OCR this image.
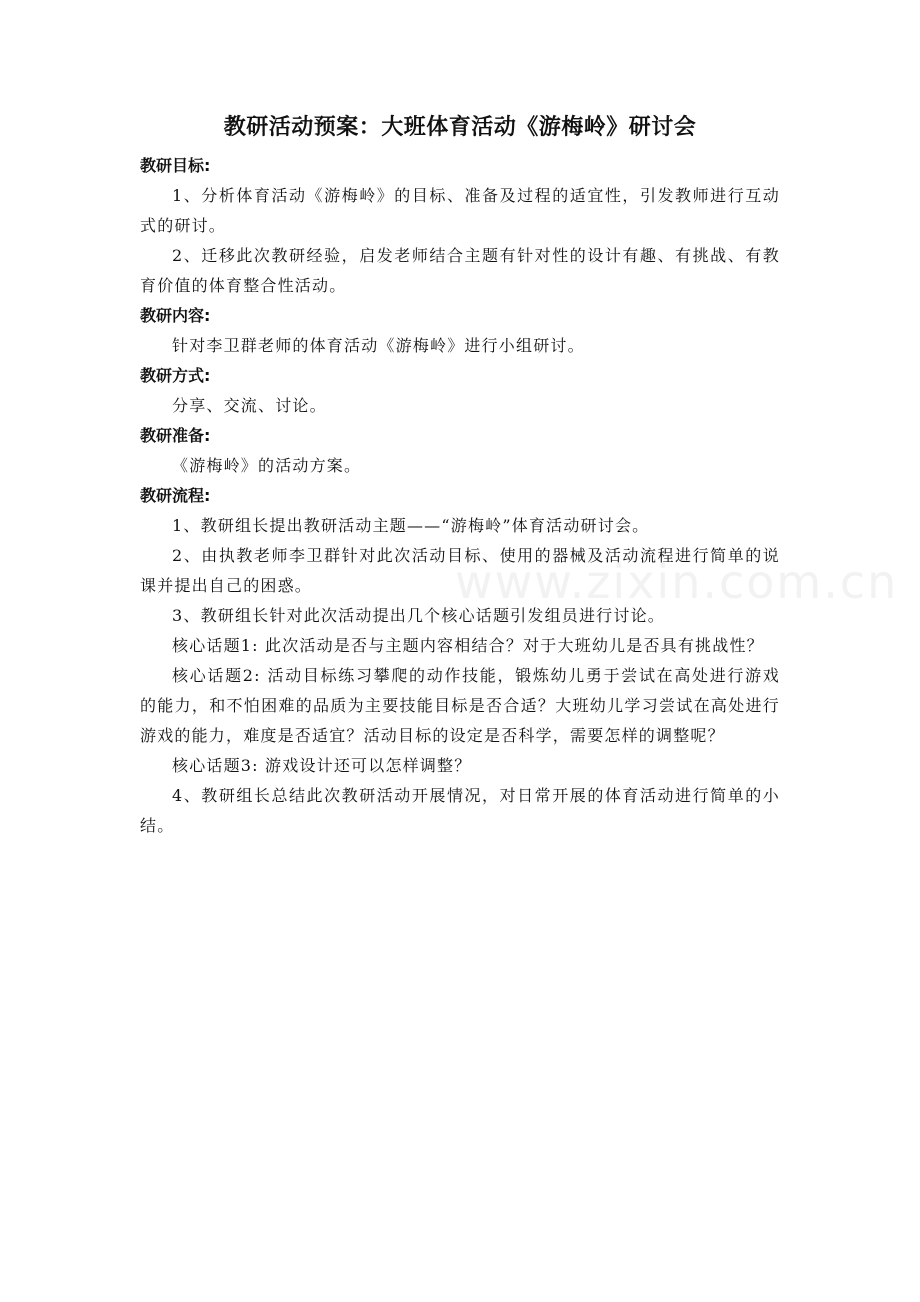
www.zixin.com.cn
教研活动预案：大班体育活动《游梅岭》研讨会

教研目标:

1、分析体育活动《游梅岭》的目标、准备及过程的适宜性，引发教师进行互动式的研讨。

2、迁移此次教研经验，启发老师结合主题有针对性的设计有趣、有挑战、有教育价值的体育整合性活动。

教研内容:

针对李卫群老师的体育活动《游梅岭》进行小组研讨。

教研方式:

分享、交流、讨论。

教研准备:

《游梅岭》的活动方案。

教研流程:

1、教研组长提出教研活动主题——“游梅岭”体育活动研讨会。

2、由执教老师李卫群针对此次活动目标、使用的器械及活动流程进行简单的说课并提出自己的困惑。

3、教研组长针对此次活动提出几个核心话题引发组员进行讨论。

核心话题1: 此次活动是否与主题内容相结合？对于大班幼儿是否具有挑战性？

核心话题2: 活动目标练习攀爬的动作技能，锻炼幼儿勇于尝试在高处进行游戏的能力，和不怕困难的品质为主要技能目标是否合适？大班幼儿学习尝试在高处进行游戏的能力，难度是否适宜？活动目标的设定是否科学，需要怎样的调整呢？

核心话题3: 游戏设计还可以怎样调整？

4、教研组长总结此次教研活动开展情况，对日常开展的体育活动进行简单的小结。
